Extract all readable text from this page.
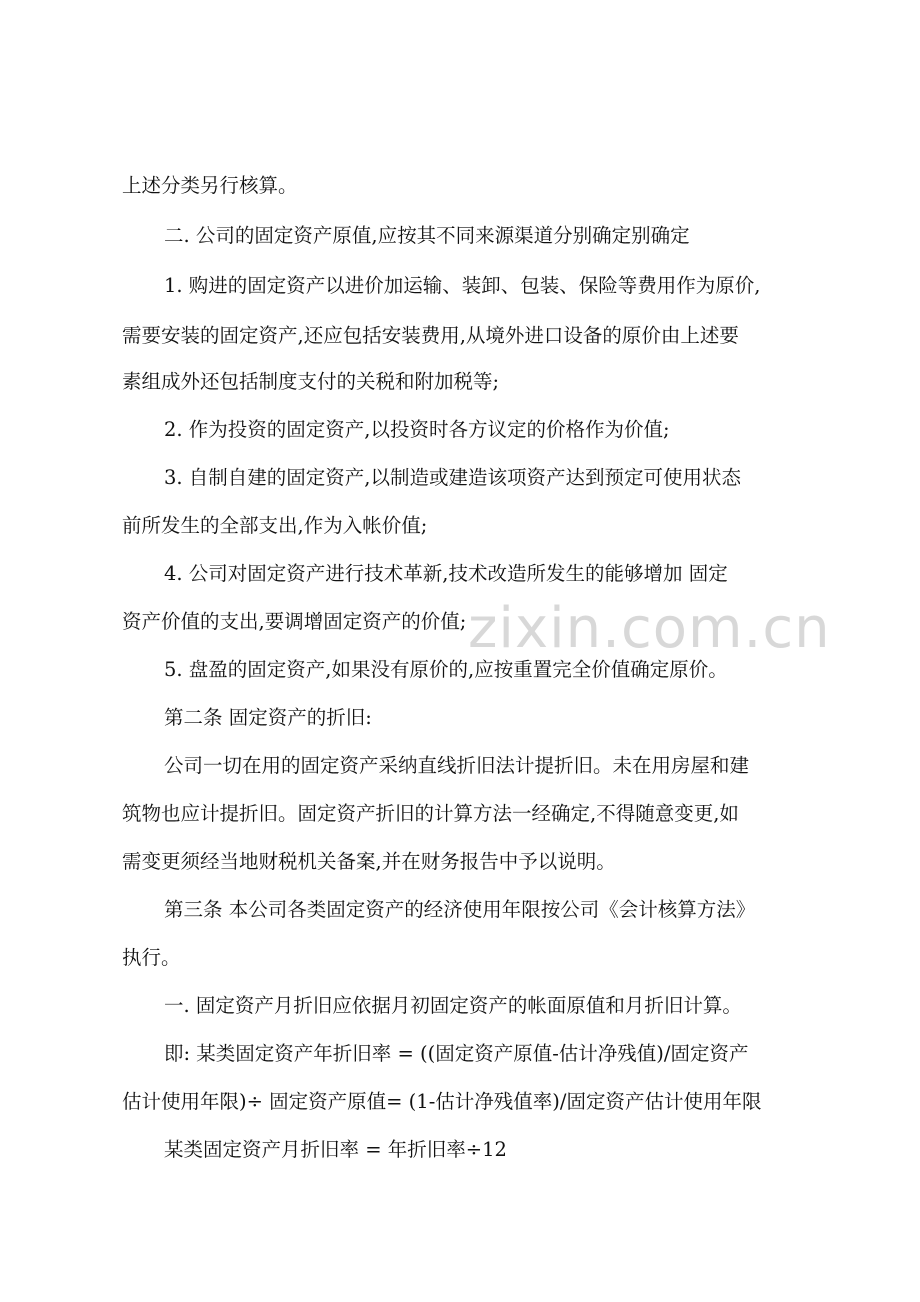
zixin.com.cn
上述分类另行核算。
二. 公司的固定资产原值,应按其不同来源渠道分别确定别确定
1. 购进的固定资产以进价加运输、装卸、包装、保险等费用作为原价,
需要安装的固定资产,还应包括安装费用,从境外进口设备的原价由上述要
素组成外还包括制度支付的关税和附加税等;
2. 作为投资的固定资产,以投资时各方议定的价格作为价值;
3. 自制自建的固定资产,以制造或建造该项资产达到预定可使用状态
前所发生的全部支出,作为入帐价值;
4. 公司对固定资产进行技术革新,技术改造所发生的能够增加 固定
资产价值的支出,要调增固定资产的价值;
5. 盘盈的固定资产,如果没有原价的,应按重置完全价值确定原价。
第二条 固定资产的折旧:
公司一切在用的固定资产采纳直线折旧法计提折旧。未在用房屋和建
筑物也应计提折旧。固定资产折旧的计算方法一经确定,不得随意变更,如
需变更须经当地财税机关备案,并在财务报告中予以说明。
第三条 本公司各类固定资产的经济使用年限按公司《会计核算方法》
执行。
一. 固定资产月折旧应依据月初固定资产的帐面原值和月折旧计算。
即: 某类固定资产年折旧率 = ((固定资产原值-估计净残值)/固定资产
估计使用年限)÷ 固定资产原值= (1-估计净残值率)/固定资产估计使用年限
某类固定资产月折旧率 = 年折旧率÷12
